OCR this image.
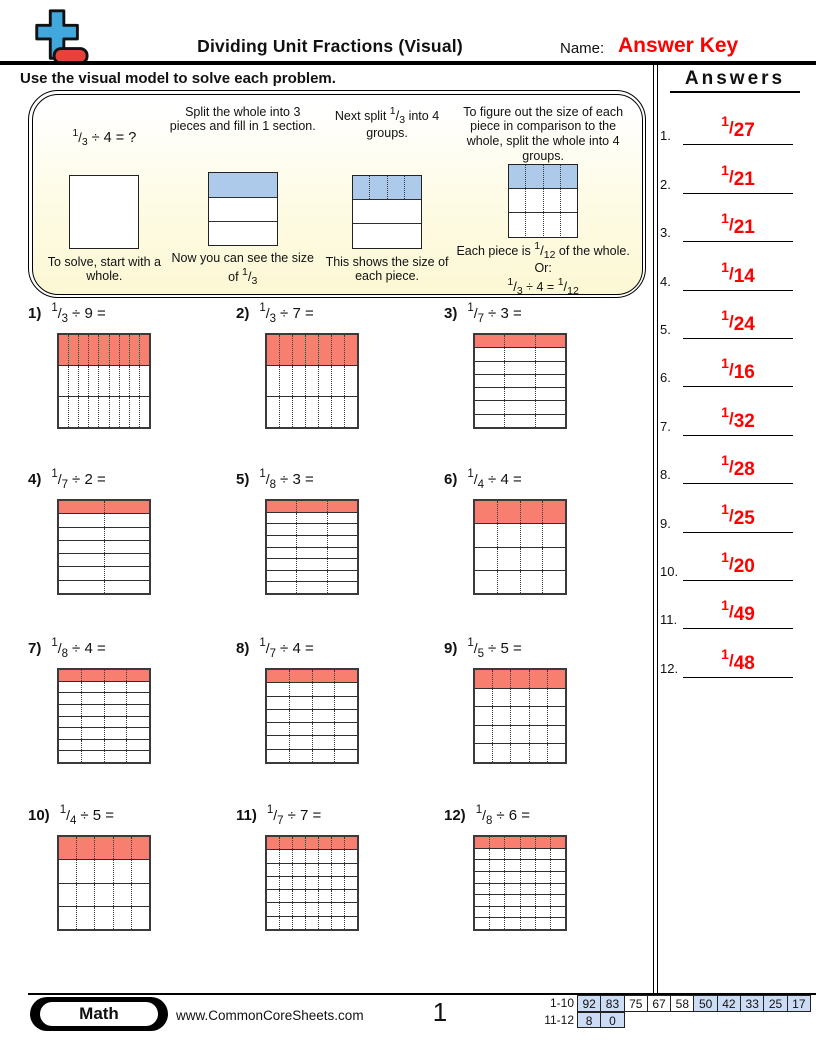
Dividing Unit Fractions (Visual)	Name: Answer Key
Use the visual model to solve each problem.
$^1/_3 \div 4$ = ?
To solve, start with a whole.
Split the whole into 3 pieces and fill in 1 section.
Now you can see the size of $^1/_3$
Next split $^1/_3$ into 4 groups.
This shows the size of each piece.
To figure out the size of each piece in comparison to the whole, split the whole into 4 groups.
Each piece is $^1/_{12}$ of the whole.
Or:
$^1/_3 \div 4 = ^1/_{12}$
1) $^1/_3 \div 9$ =	2) $^1/_3 \div 7$ =	3) $^1/_7 \div 3$ =
4) $^1/_7 \div 2$ =	5) $^1/_8 \div 3$ =	6) $^1/_4 \div 4$ =
7) $^1/_8 \div 4$ =	8) $^1/_7 \div 4$ =	9) $^1/_5 \div 5$ =
10) $^1/_4 \div 5$ =	11) $^1/_7 \div 7$ =	12) $^1/_8 \div 6$ =
Answers
1.
1/27
2.
1/21
3.
1/21
4.
1/14
5.
1/24
6.
1/16
7.
1/32
8.
1/28
9.
1/25
10.
1/20
11.
1/49
12.
1/48
Math	www.CommonCoreSheets.com	1	1-10 92 83 75 67 58 50 42 33 25 17
11-12 8	0
